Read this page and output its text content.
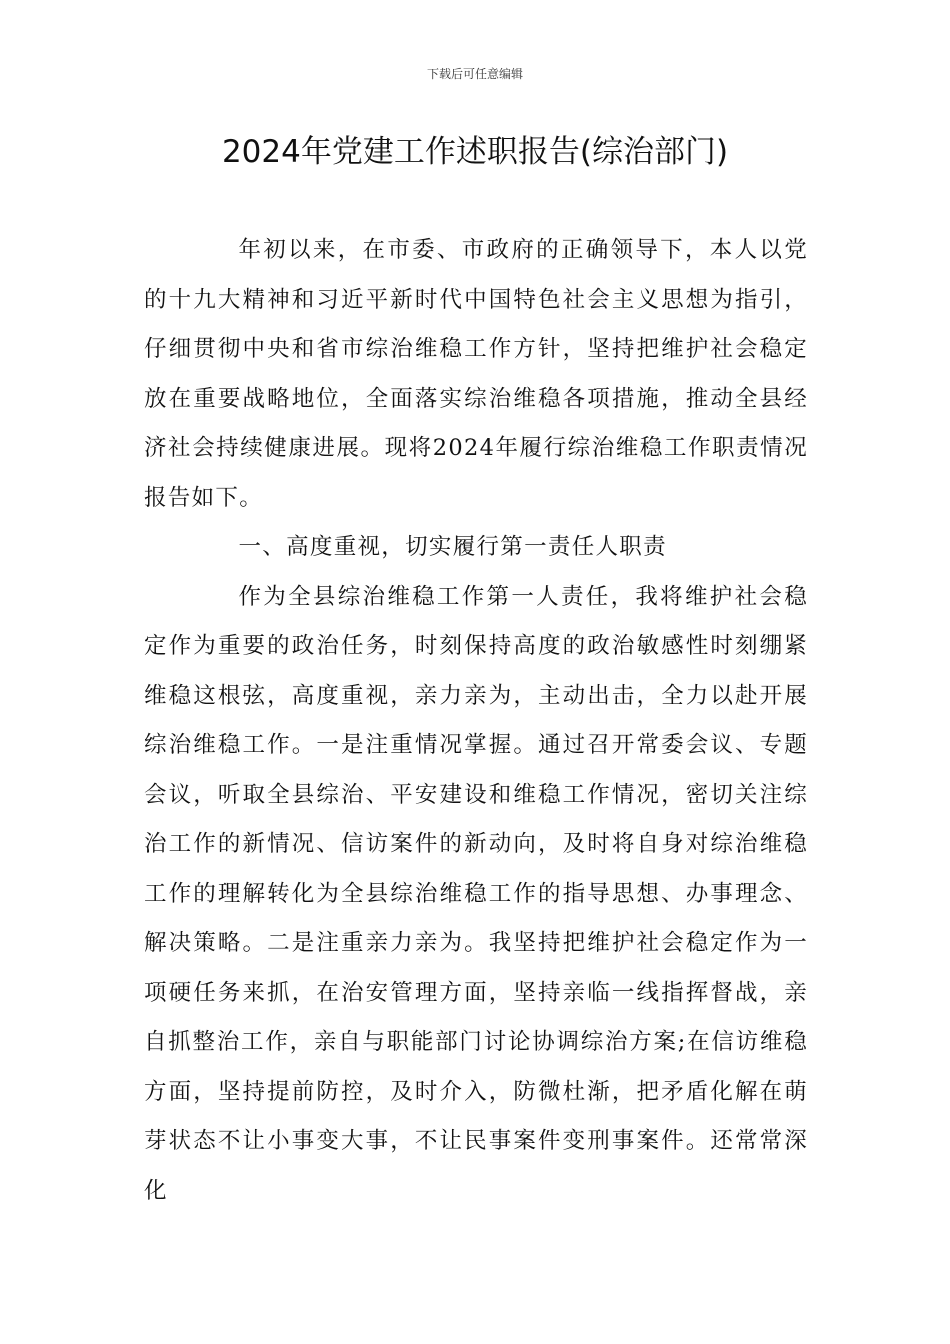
下载后可任意编辑
2024年党建工作述职报告(综治部门)

年初以来，在市委、市政府的正确领导下，本人以党的十九大精神和习近平新时代中国特色社会主义思想为指引，仔细贯彻中央和省市综治维稳工作方针，坚持把维护社会稳定放在重要战略地位，全面落实综治维稳各项措施，推动全县经济社会持续健康进展。现将2024年履行综治维稳工作职责情况报告如下。

一、高度重视，切实履行第一责任人职责

作为全县综治维稳工作第一人责任，我将维护社会稳定作为重要的政治任务，时刻保持高度的政治敏感性时刻绷紧维稳这根弦，高度重视，亲力亲为，主动出击，全力以赴开展综治维稳工作。一是注重情况掌握。通过召开常委会议、专题会议，听取全县综治、平安建设和维稳工作情况，密切关注综治工作的新情况、信访案件的新动向，及时将自身对综治维稳工作的理解转化为全县综治维稳工作的指导思想、办事理念、解决策略。二是注重亲力亲为。我坚持把维护社会稳定作为一项硬任务来抓，在治安管理方面，坚持亲临一线指挥督战，亲自抓整治工作，亲自与职能部门讨论协调综治方案;在信访维稳方面，坚持提前防控，及时介入，防微杜渐，把矛盾化解在萌芽状态不让小事变大事，不让民事案件变刑事案件。还常常深化
